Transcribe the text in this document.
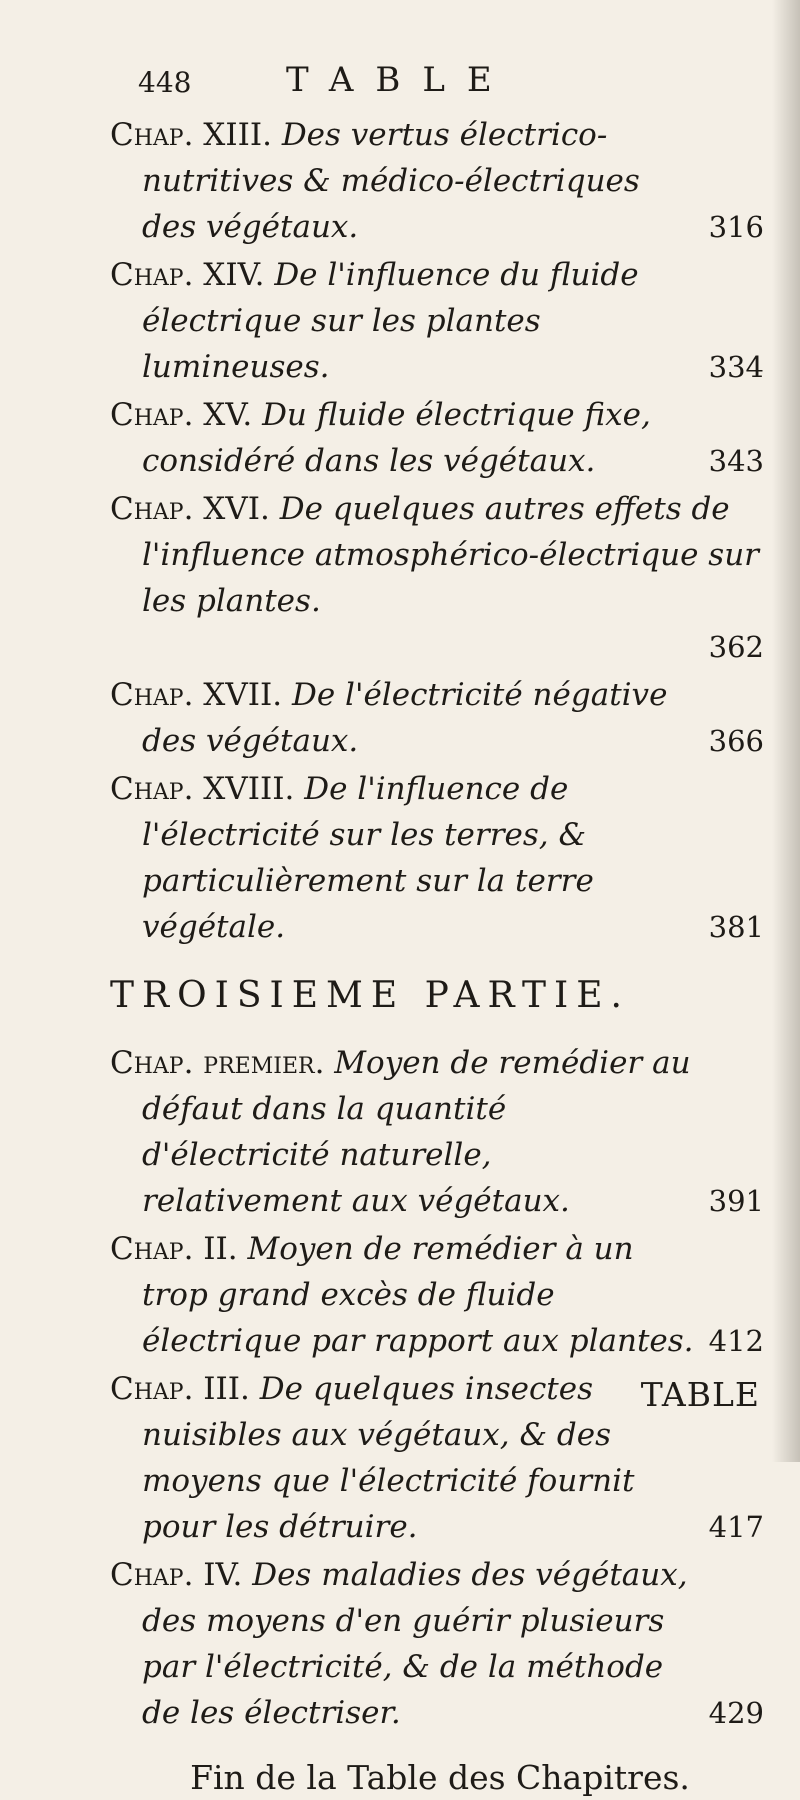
448	TABLE
Chap. XIII. Des vertus électrico-nutritives & médico-électriques des végétaux.	316
Chap. XIV. De l'influence du fluide électrique sur les plantes lumineuses.	334
Chap. XV. Du fluide électrique fixe, considéré dans les végétaux.	343
Chap. XVI. De quelques autres effets de l'influence atmosphérico-électrique sur les plantes.
362
Chap. XVII. De l'électricité négative des végétaux.	366
Chap. XVIII. De l'influence de l'électricité sur les terres, & particulièrement sur la terre végétale.	381
TROISIEME PARTIE.
Chap. premier. Moyen de remédier au défaut dans la quantité d'électricité naturelle, relativement aux végétaux.	391
Chap. II. Moyen de remédier à un trop grand excès de fluide électrique par rapport aux plantes. 412
Chap. III. De quelques insectes nuisibles aux végétaux, & des moyens que l'électricité fournit pour les détruire.	417
Chap. IV. Des maladies des végétaux, des moyens d'en guérir plusieurs par l'électricité, & de la méthode de les électriser.	429
Fin de la Table des Chapitres.
TABLE
